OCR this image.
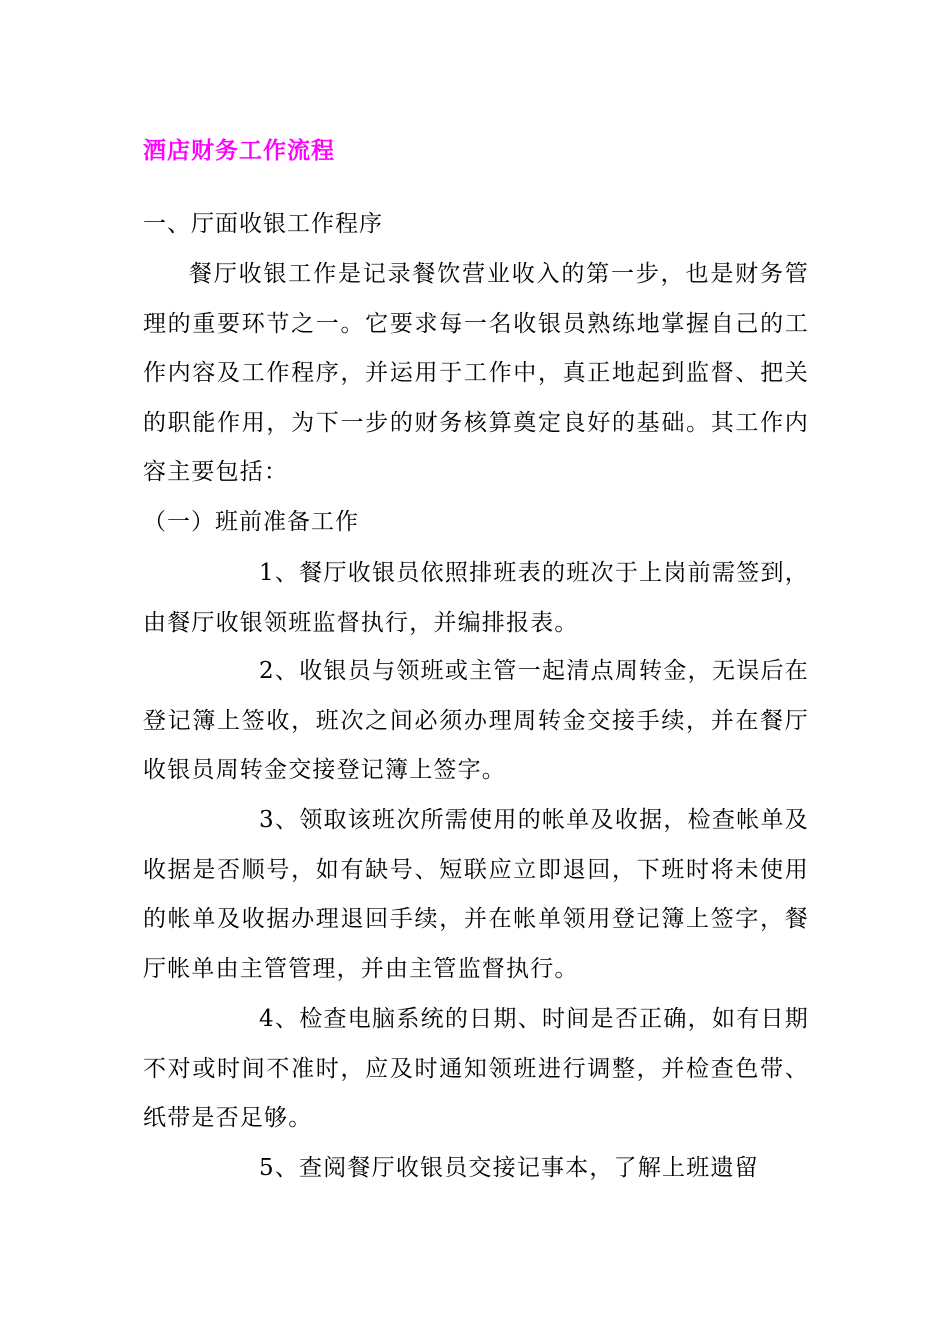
酒店财务工作流程
一、厅面收银工作程序

餐厅收银工作是记录餐饮营业收入的第一步，也是财务管理的重要环节之一。它要求每一名收银员熟练地掌握自己的工作内容及工作程序，并运用于工作中，真正地起到监督、把关的职能作用，为下一步的财务核算奠定良好的基础。其工作内容主要包括：

（一）班前准备工作

1、餐厅收银员依照排班表的班次于上岗前需签到，由餐厅收银领班监督执行，并编排报表。

2、收银员与领班或主管一起清点周转金，无误后在登记簿上签收，班次之间必须办理周转金交接手续，并在餐厅收银员周转金交接登记簿上签字。

3、领取该班次所需使用的帐单及收据，检查帐单及收据是否顺号，如有缺号、短联应立即退回，下班时将未使用的帐单及收据办理退回手续，并在帐单领用登记簿上签字，餐厅帐单由主管管理，并由主管监督执行。

4、检查电脑系统的日期、时间是否正确，如有日期不对或时间不准时，应及时通知领班进行调整，并检查色带、纸带是否足够。

5、查阅餐厅收银员交接记事本，了解上班遗留
